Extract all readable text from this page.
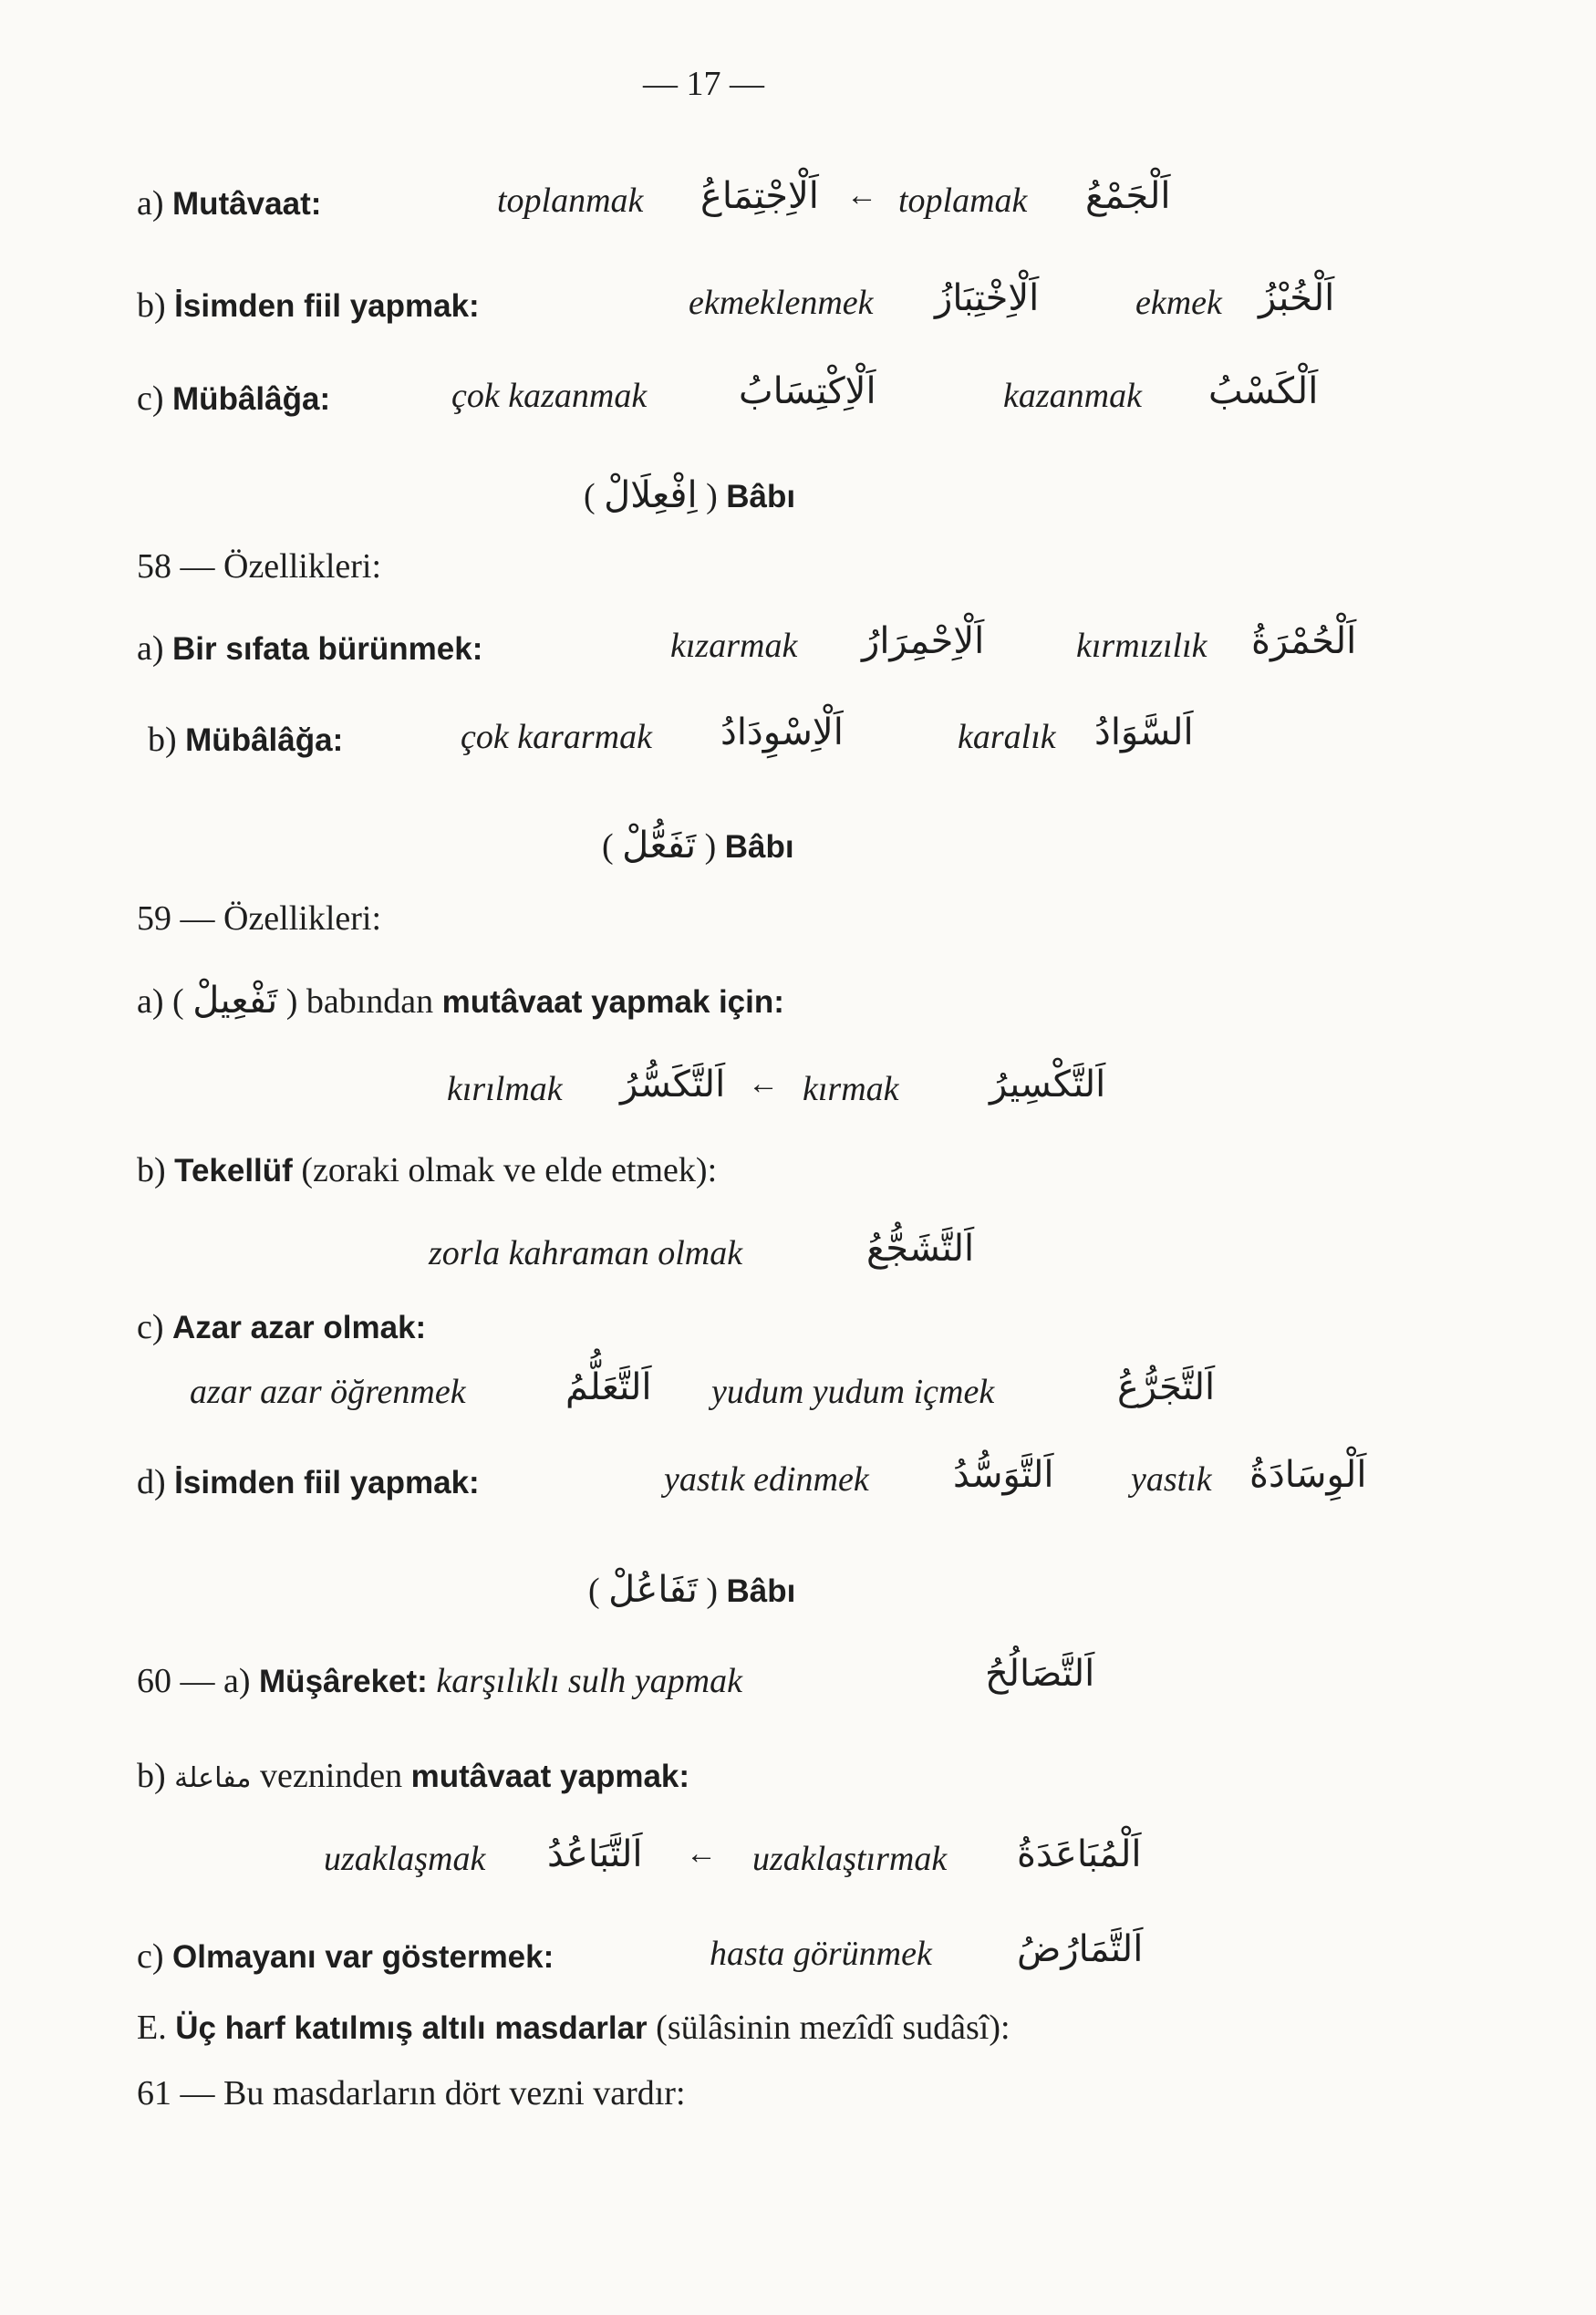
— 17 —
a) Mutâvaat:	toplanmak اَلْاِجْتِمَاعُ ← toplamak اَلْجَمْعُ
b) İsimden fiil yapmak:	ekmeklenmek اَلْاِخْتِبَازُ	ekmek اَلْخُبْزُ
c) Mübâlâğa:	çok kazanmak	اَلْاِكْتِسَابُ	kazanmak اَلْكَسْبُ
( اِفْعِلَالْ ) Bâbı
58 — Özellikleri:
a) Bir sıfata bürünmek:	kızarmak اَلْاِحْمِرَارُ	kırmızılık اَلْحُمْرَةُ
b) Mübâlâğa:	çok kararmak اَلْاِسْوِدَادُ	karalık اَلسَّوَادُ
( تَفَعُّلْ ) Bâbı
59 — Özellikleri:
a) ( تَفْعِيلْ ) babından mutâvaat yapmak için:
kırılmak اَلتَّكَسُّرُ ← kırmak اَلتَّكْسِيرُ
b) Tekellüf (zoraki olmak ve elde etmek):
zorla kahraman olmak	اَلتَّشَجُّعُ
c) Azar azar olmak:
azar azar öğrenmek	اَلتَّعَلُّمُ yudum yudum içmek	اَلتَّجَرُّعُ
d) İsimden fiil yapmak:	yastık edinmek اَلتَّوَسُّدُ yastık اَلْوِسَادَةُ
( تَفَاعُلْ ) Bâbı
60 — a) Müşâreket: karşılıklı sulh yapmak	اَلتَّصَالُحُ
b) مفاعلة vezninden mutâvaat yapmak:
uzaklaşmak اَلتَّبَاعُدُ ← uzaklaştırmak اَلْمُبَاعَدَةُ
c) Olmayanı var göstermek:	hasta görünmek اَلتَّمَارُضُ
E. Üç harf katılmış altılı masdarlar (sülâsinin mezîdî sudâsî):
61 — Bu masdarların dört vezni vardır:
